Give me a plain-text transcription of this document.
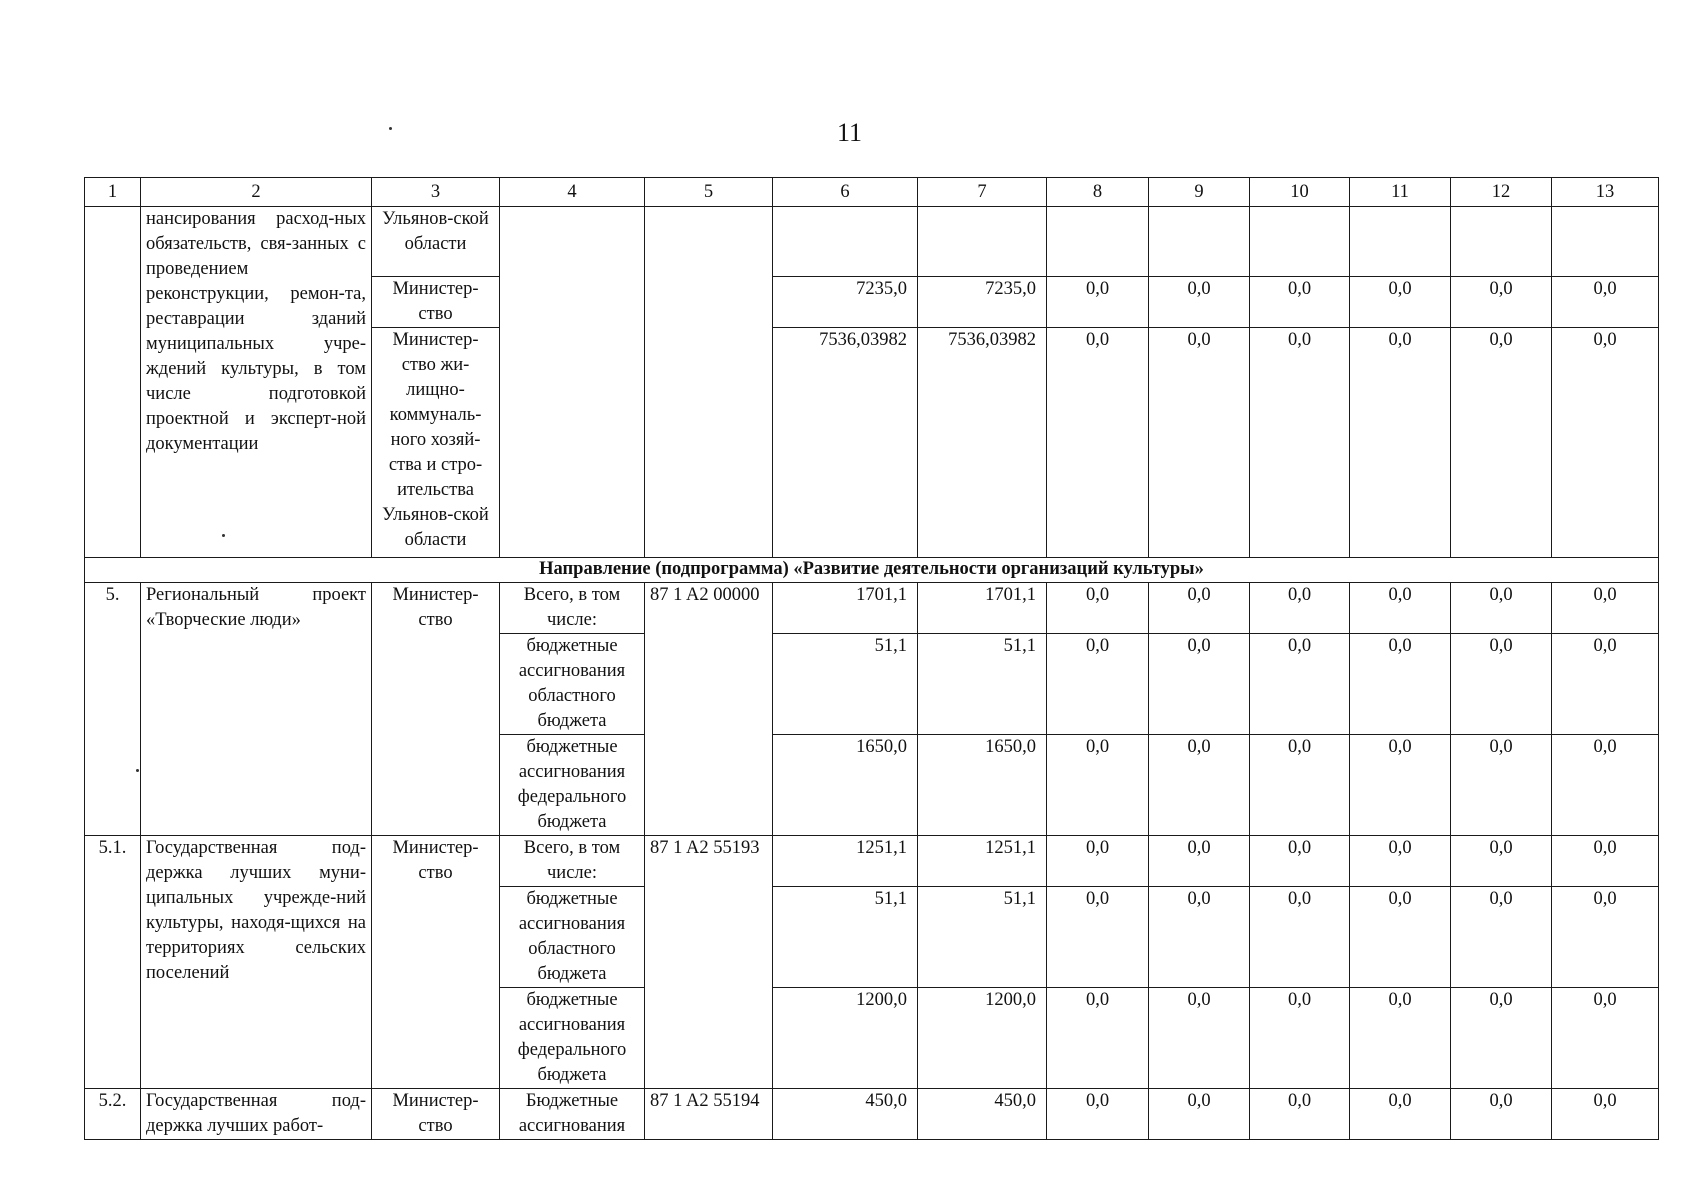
11
1	2	3	4	5	6	7	8	9	10	11	12	13
	нансирования расход-ных обязательств, свя-занных с проведением реконструкции, ремон-та, реставрации зданий муниципальных учре-ждений культуры, в том числе подготовкой проектной и эксперт-ной документации	Ульянов-ской области										
		Министер-ство			7235,0	7235,0	0,0	0,0	0,0	0,0	0,0	0,0
		Министер-ство жи-лищно-коммуналь-ного хозяй-ства и стро-ительства Ульянов-ской области			7536,03982	7536,03982	0,0	0,0	0,0	0,0	0,0	0,0
Направление (подпрограмма) «Развитие деятельности организаций культуры»												
5.	Региональный проект «Творческие люди»	Министер-ство	Всего, в том числе:	87 1 A2 00000	1701,1	1701,1	0,0	0,0	0,0	0,0	0,0	0,0
			бюджетные ассигнования областного бюджета		51,1	51,1	0,0	0,0	0,0	0,0	0,0	0,0
			бюджетные ассигнования федерального бюджета		1650,0	1650,0	0,0	0,0	0,0	0,0	0,0	0,0
5.1.	Государственная под-держка лучших муни-ципальных учрежде-ний культуры, находя-щихся на территориях сельских поселений	Министер-ство	Всего, в том числе:	87 1 A2 55193	1251,1	1251,1	0,0	0,0	0,0	0,0	0,0	0,0
			бюджетные ассигнования областного бюджета		51,1	51,1	0,0	0,0	0,0	0,0	0,0	0,0
			бюджетные ассигнования федерального бюджета		1200,0	1200,0	0,0	0,0	0,0	0,0	0,0	0,0
5.2.	Государственная под-держка лучших работ-	Министер-ство	Бюджетные ассигнования	87 1 A2 55194	450,0	450,0	0,0	0,0	0,0	0,0	0,0	0,0
